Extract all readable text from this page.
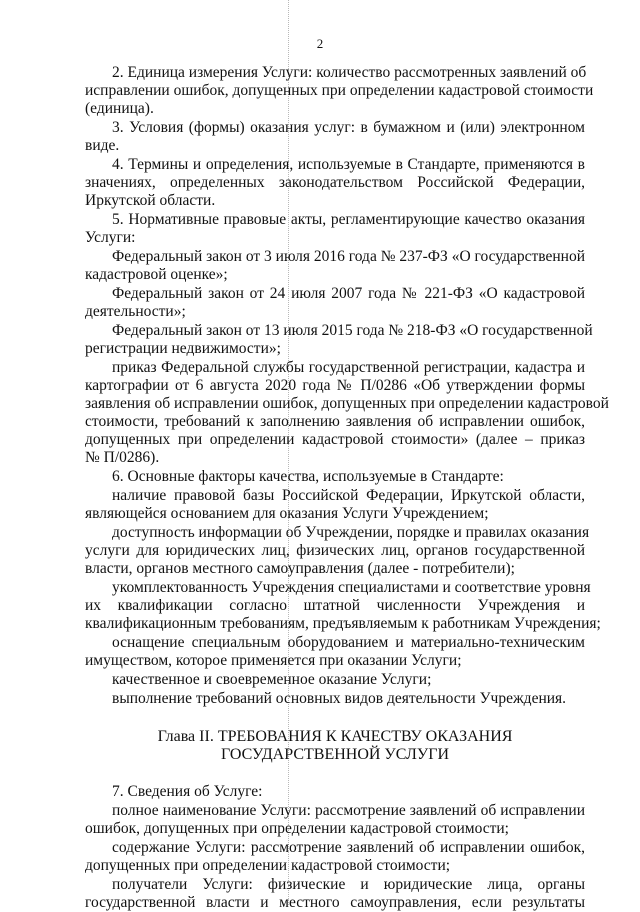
2
2. Единица измерения Услуги: количество рассмотренных заявлений об
исправлении ошибок, допущенных при определении кадастровой стоимости
(единица).
3. Условия (формы) оказания услуг: в бумажном и (или) электронном
виде.
4. Термины и определения, используемые в Стандарте, применяются в
значениях, определенных законодательством Российской Федерации,
Иркутской области.
5. Нормативные правовые акты, регламентирующие качество оказания
Услуги:
Федеральный закон от 3 июля 2016 года № 237-ФЗ «О государственной
кадастровой оценке»;
Федеральный закон от 24 июля 2007 года № 221-ФЗ «О кадастровой
деятельности»;
Федеральный закон от 13 июля 2015 года № 218-ФЗ «О государственной
регистрации недвижимости»;
приказ Федеральной службы государственной регистрации, кадастра и
картографии от 6 августа 2020 года № П/0286 «Об утверждении формы
заявления об исправлении ошибок, допущенных при определении кадастровой
стоимости, требований к заполнению заявления об исправлении ошибок,
допущенных при определении кадастровой стоимости» (далее – приказ
№ П/0286).
6. Основные факторы качества, используемые в Стандарте:
наличие правовой базы Российской Федерации, Иркутской области,
являющейся основанием для оказания Услуги Учреждением;
доступность информации об Учреждении, порядке и правилах оказания
услуги для юридических лиц, физических лиц, органов государственной
власти, органов местного самоуправления (далее - потребители);
укомплектованность Учреждения специалистами и соответствие уровня
их квалификации согласно штатной численности Учреждения и
квалификационным требованиям, предъявляемым к работникам Учреждения;
оснащение специальным оборудованием и материально-техническим
имуществом, которое применяется при оказании Услуги;
качественное и своевременное оказание Услуги;
выполнение требований основных видов деятельности Учреждения.
Глава II. ТРЕБОВАНИЯ К КАЧЕСТВУ ОКАЗАНИЯ
ГОСУДАРСТВЕННОЙ УСЛУГИ
7. Сведения об Услуге:
полное наименование Услуги: рассмотрение заявлений об исправлении
ошибок, допущенных при определении кадастровой стоимости;
содержание Услуги: рассмотрение заявлений об исправлении ошибок,
допущенных при определении кадастровой стоимости;
получатели Услуги: физические и юридические лица, органы
государственной власти и местного самоуправления, если результаты
